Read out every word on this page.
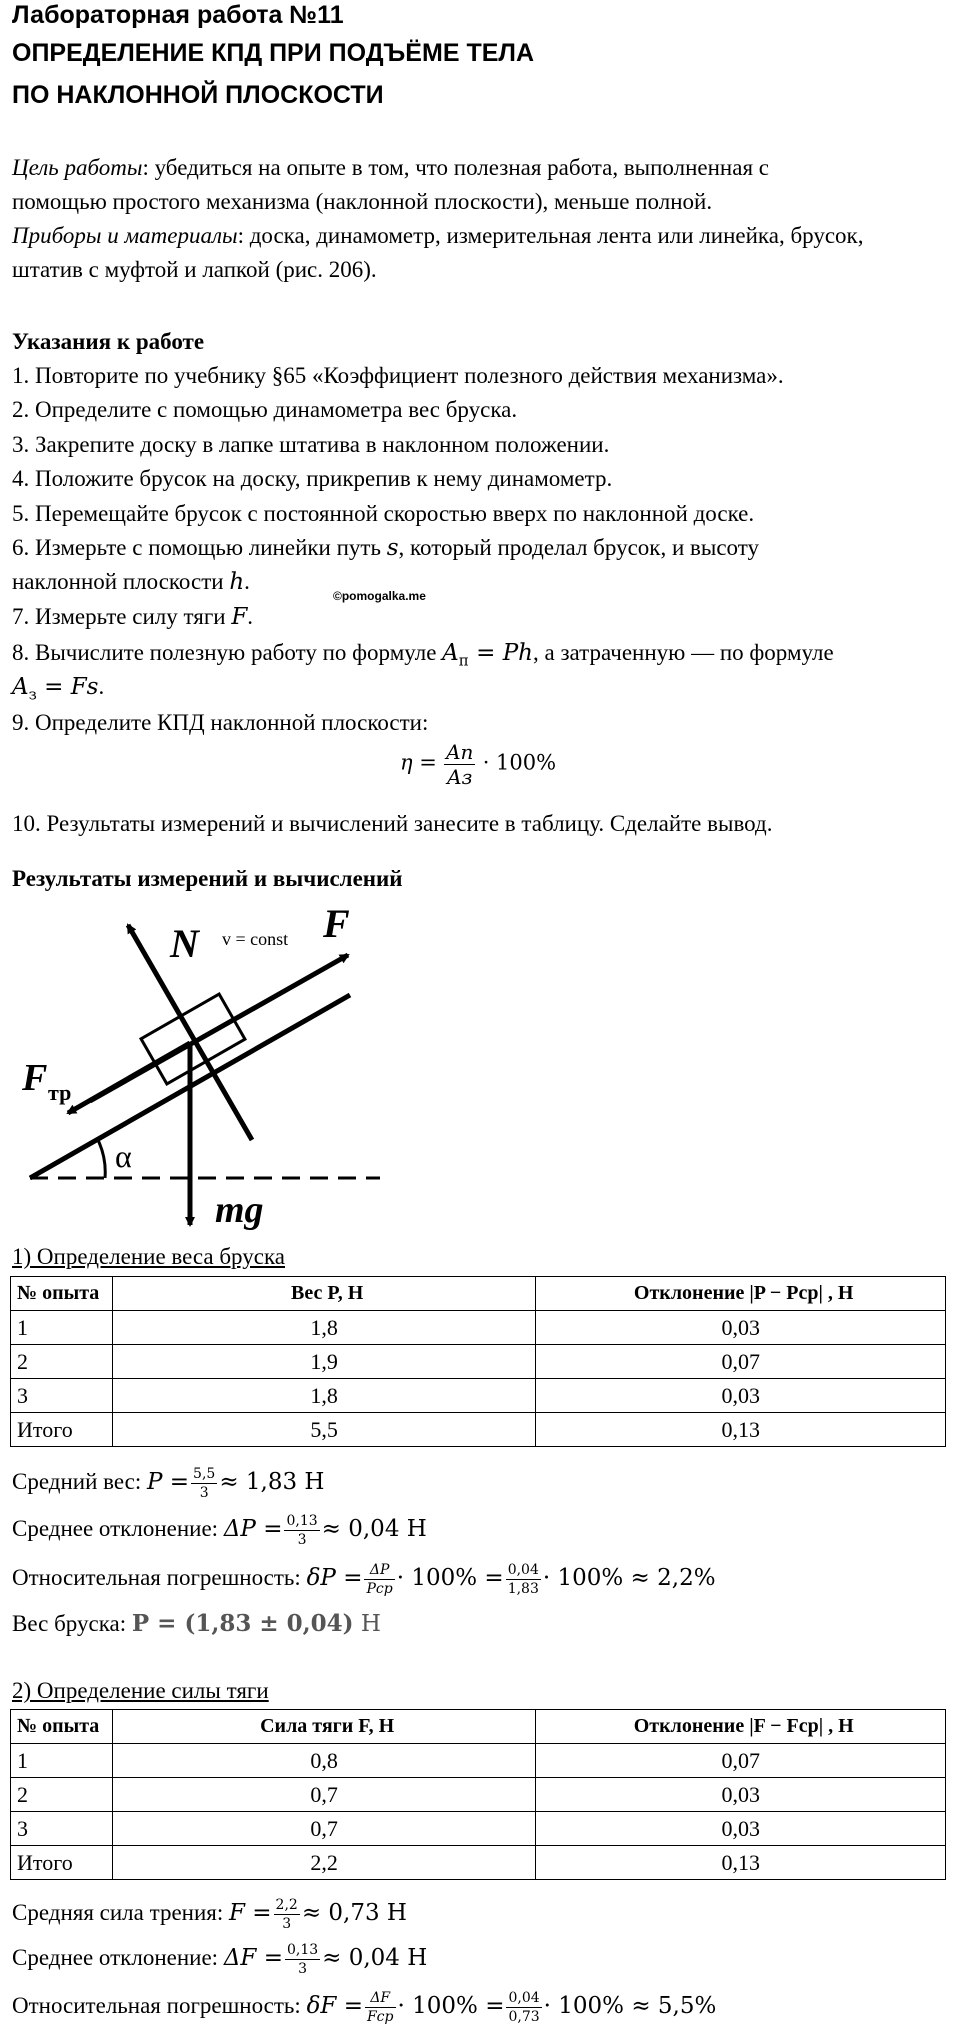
Лабораторная работа №11
ОПРЕДЕЛЕНИЕ КПД ПРИ ПОДЪЁМЕ ТЕЛА
ПО НАКЛОННОЙ ПЛОСКОСТИ
Цель работы: убедиться на опыте в том, что полезная работа, выполненная с
помощью простого механизма (наклонной плоскости), меньше полной.
Приборы и материалы: доска, динамометр, измерительная лента или линейка, брусок,
штатив с муфтой и лапкой (рис. 206).
Указания к работе
1. Повторите по учебнику §65 «Коэффициент полезного действия механизма».
2. Определите с помощью динамометра вес бруска.
3. Закрепите доску в лапке штатива в наклонном положении.
4. Положите брусок на доску, прикрепив к нему динамометр.
5. Перемещайте брусок с постоянной скоростью вверх по наклонной доске.
6. Измерьте с помощью линейки путь s, который проделал брусок, и высоту
наклонной плоскости h.
©pomogalka.me
7. Измерьте силу тяги F.
8. Вычислите полезную работу по формуле $A_п = Ph$, а затраченную — по формуле
$A_з = Fs$.
9. Определите КПД наклонной плоскости:
$\eta = \frac{Aп}{Aз} \cdot 100\%$
10. Результаты измерений и вычислений занесите в таблицу. Сделайте вывод.
Результаты измерений и вычислений
N v = const F
F тр
α
mg
1) Определение веса бруска
№ опыта	Вес P, Н	Отклонение |P − Pcp| , Н
1	1,8	0,03
2	1,9	0,07
3	1,8	0,03
Итого	5,5	0,13
Средний вес: $P = \frac{5,5}{3} \approx 1,83$ Н
Среднее отклонение: $\Delta P = \frac{0,13}{3} \approx 0,04$ Н
Относительная погрешность: $\delta P = \frac{\Delta P}{\text{Pcp}} \cdot 100\% = \frac{0,04}{1,83} \cdot 100\% \approx 2,2\%$
Вес бруска: P = (1,83 ± 0,04) Н
2) Определение силы тяги
№ опыта	Сила тяги F, Н	Отклонение |F − Fcp| , Н
1	0,8	0,07
2	0,7	0,03
3	0,7	0,03
Итого	2,2	0,13
Средняя сила трения: $F = \frac{2,2}{3} \approx 0,73$ Н
Среднее отклонение: $\Delta F = \frac{0,13}{3} \approx 0,04$ Н
Относительная погрешность: $\delta F = \frac{\Delta F}{\text{Fcp}} \cdot 100\% = \frac{0,04}{0,73} \cdot 100\% \approx 5,5\%$
